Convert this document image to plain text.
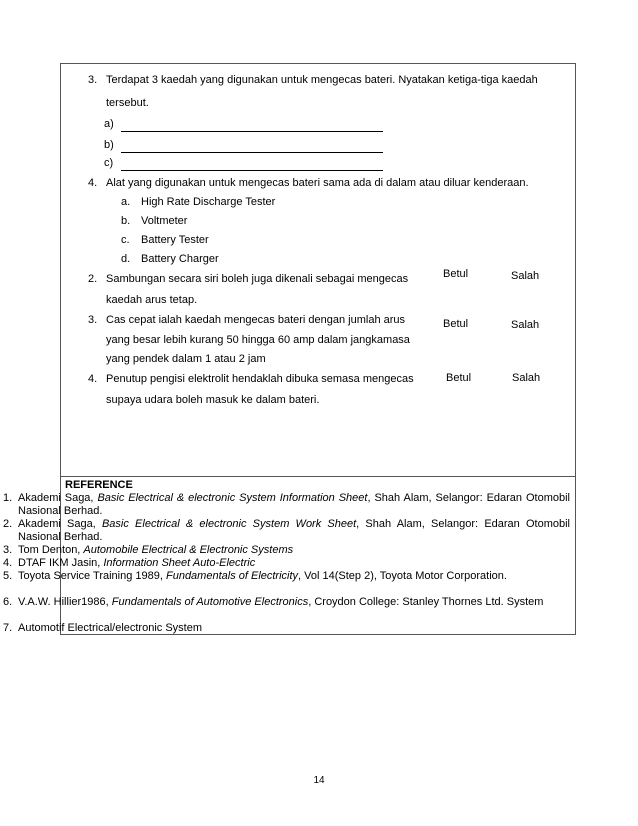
3. Terdapat 3 kaedah yang digunakan untuk mengecas bateri. Nyatakan ketiga-tiga kaedah
tersebut.
a)
b)
c)
4. Alat yang digunakan untuk mengecas bateri sama ada di dalam atau diluar kenderaan.
a. High Rate Discharge Tester
b. Voltmeter
c. Battery Tester
d. Battery Charger
2. Sambungan secara siri boleh juga dikenali sebagai mengecas
kaedah arus tetap.
Betul	Salah
3. Cas cepat ialah kaedah mengecas bateri dengan jumlah arus
yang besar lebih kurang 50 hingga 60 amp dalam jangkamasa
yang pendek dalam 1 atau 2 jam
Betul	Salah
4. Penutup pengisi elektrolit hendaklah dibuka semasa mengecas
supaya udara boleh masuk ke dalam bateri.
Betul	Salah
REFERENCE
1. Akademi Saga, Basic Electrical & electronic System Information Sheet, Shah Alam, Selangor: Edaran Otomobil Nasional Berhad.
2. Akademi Saga, Basic Electrical & electronic System Work Sheet, Shah Alam, Selangor: Edaran Otomobil Nasional Berhad.
3. Tom Denton, Automobile Electrical & Electronic Systems
4. DTAF IKM Jasin, Information Sheet Auto-Electric
5. Toyota Service Training 1989, Fundamentals of Electricity, Vol 14(Step 2), Toyota Motor Corporation.
6. V.A.W. Hillier1986, Fundamentals of Automotive Electronics, Croydon College: Stanley Thornes Ltd. System
7. Automotif Electrical/electronic System
14
